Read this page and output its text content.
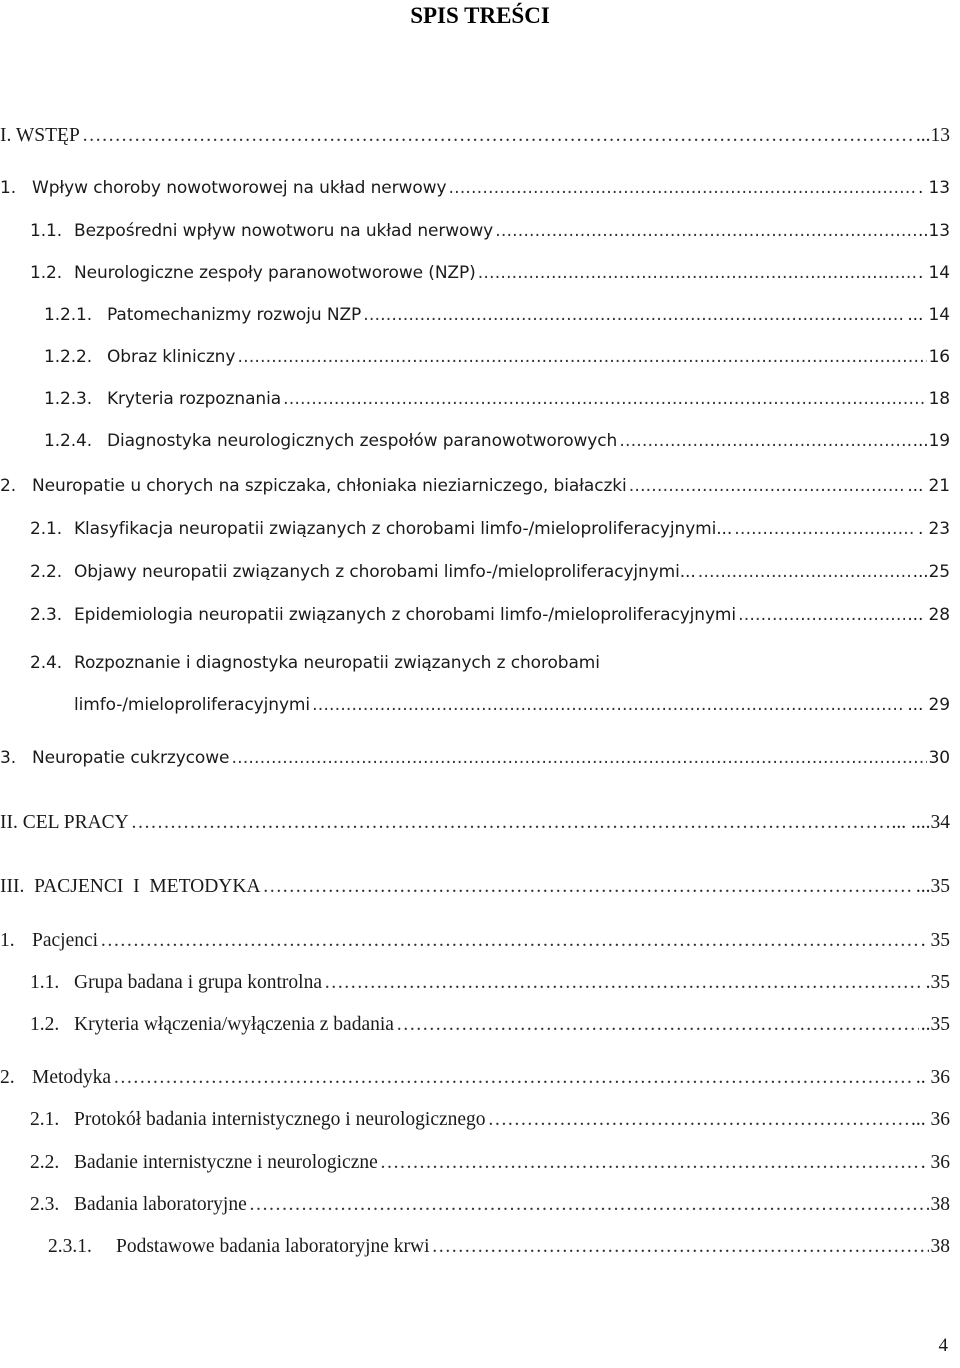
SPIS TREŚCI
I. WSTĘP …………………………………………………………………………………………………………………………………………………………………………………………………………………………………………………………	...13
1. Wpływ choroby nowotworowej na układ nerwowy …………………………………………………………………………………………………………………………………………………………………………………………………………………………………………………………	. 13
1.1. Bezpośredni wpływ nowotworu na układ nerwowy …………………………………………………………………………………………………………………………………………………………………………………………………………………………………………………………	..13
1.2. Neurologiczne zespoły paranowotworowe (NZP) …………………………………………………………………………………………………………………………………………………………………………………………………………………………………………………………	. 14
1.2.1. Patomechanizmy rozwoju NZP …………………………………………………………………………………………………………………………………………………………………………………………………………………………………………………………	... 14
1.2.2. Obraz kliniczny …………………………………………………………………………………………………………………………………………………………………………………………………………………………………………………………	16
1.2.3. Kryteria rozpoznania …………………………………………………………………………………………………………………………………………………………………………………………………………………………………………………………	18
1.2.4. Diagnostyka neurologicznych zespołów paranowotworowych …………………………………………………………………………………………………………………………………………………………………………………………………………………………………………………………	...19
2. Neuropatie u chorych na szpiczaka, chłoniaka nieziarniczego, białaczki …………………………………………………………………………………………………………………………………………………………………………………………………………………………………………………………	... 21
2.1. Klasyfikacja neuropatii związanych z chorobami limfo-/mieloproliferacyjnymi... …………………………………………………………………………………………………………………………………………………………………………………………………………………………………………………………	. 23
2.2. Objawy neuropatii związanych z chorobami limfo-/mieloproliferacyjnymi... …………………………………………………………………………………………………………………………………………………………………………………………………………………………………………………………	...25
2.3. Epidemiologia neuropatii związanych z chorobami limfo-/mieloproliferacyjnymi …………………………………………………………………………………………………………………………………………………………………………………………………………………………………………………………	... 28
2.4. Rozpoznanie i diagnostyka neuropatii związanych z chorobami
limfo-/mieloproliferacyjnymi …………………………………………………………………………………………………………………………………………………………………………………………………………………………………………………………	... 29
3. Neuropatie cukrzycowe …………………………………………………………………………………………………………………………………………………………………………………………………………………………………………………………	30
II. CEL PRACY …………………………………………………………………………………………………………………………………………………………………………………………………………………………………………………………	... ....34
III.  PACJENCI  I  METODYKA …………………………………………………………………………………………………………………………………………………………………………………………………………………………………………………………	...35
1. Pacjenci …………………………………………………………………………………………………………………………………………………………………………………………………………………………………………………………	. 35
1.1. Grupa badana i grupa kontrolna …………………………………………………………………………………………………………………………………………………………………………………………………………………………………………………………	.35
1.2. Kryteria włączenia/wyłączenia z badania …………………………………………………………………………………………………………………………………………………………………………………………………………………………………………………………	..35
2. Metodyka …………………………………………………………………………………………………………………………………………………………………………………………………………………………………………………………	.. 36
2.1. Protokół badania internistycznego i neurologicznego …………………………………………………………………………………………………………………………………………………………………………………………………………………………………………………………	... 36
2.2. Badanie internistyczne i neurologiczne …………………………………………………………………………………………………………………………………………………………………………………………………………………………………………………………	. 36
2.3. Badania laboratoryjne …………………………………………………………………………………………………………………………………………………………………………………………………………………………………………………………	38
2.3.1.	Podstawowe badania laboratoryjne krwi …………………………………………………………………………………………………………………………………………………………………………………………………………………………………………………………	38
4
